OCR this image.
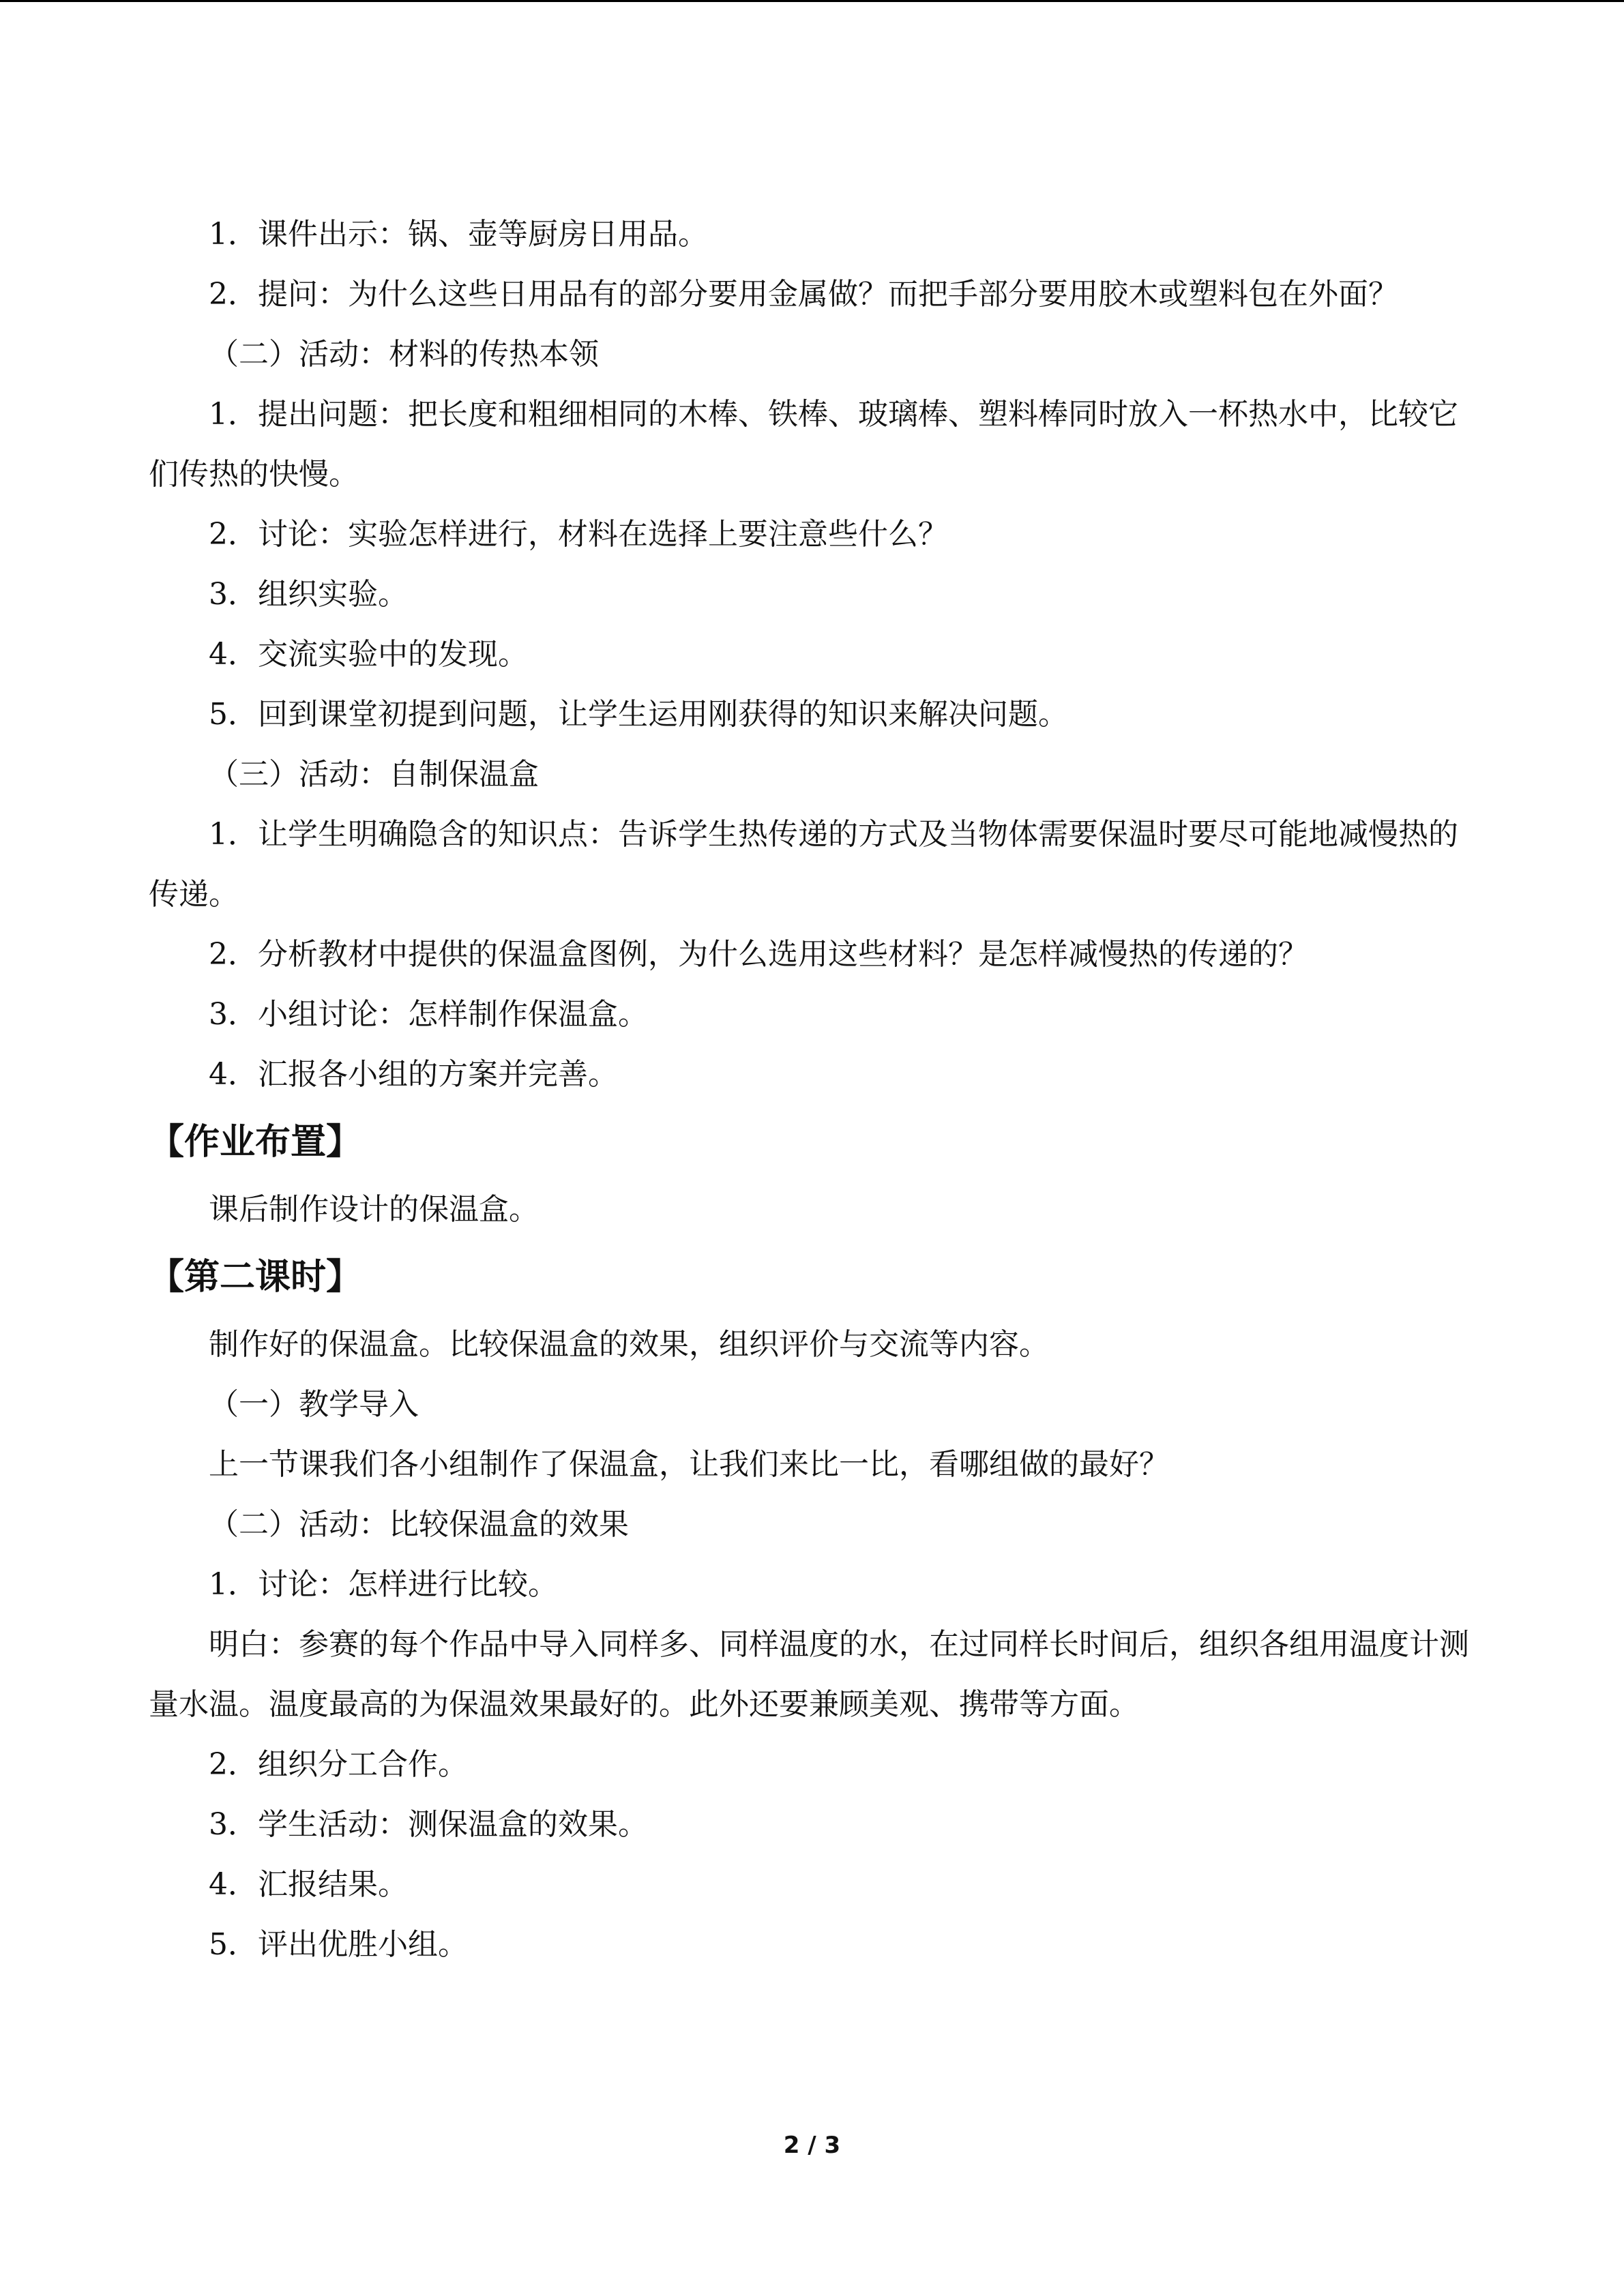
1．课件出示：锅、壶等厨房日用品。

2．提问：为什么这些日用品有的部分要用金属做？而把手部分要用胶木或塑料包在外面？

（二）活动：材料的传热本领

1．提出问题：把长度和粗细相同的木棒、铁棒、玻璃棒、塑料棒同时放入一杯热水中，比较它们传热的快慢。

2．讨论：实验怎样进行，材料在选择上要注意些什么？

3．组织实验。

4．交流实验中的发现。

5．回到课堂初提到问题，让学生运用刚获得的知识来解决问题。

（三）活动：自制保温盒

1．让学生明确隐含的知识点：告诉学生热传递的方式及当物体需要保温时要尽可能地减慢热的传递。

2．分析教材中提供的保温盒图例，为什么选用这些材料？是怎样减慢热的传递的？

3．小组讨论：怎样制作保温盒。

4．汇报各小组的方案并完善。

【作业布置】

课后制作设计的保温盒。

【第二课时】

制作好的保温盒。比较保温盒的效果，组织评价与交流等内容。

（一）教学导入

上一节课我们各小组制作了保温盒，让我们来比一比，看哪组做的最好？

（二）活动：比较保温盒的效果

1．讨论：怎样进行比较。

明白：参赛的每个作品中导入同样多、同样温度的水，在过同样长时间后，组织各组用温度计测量水温。温度最高的为保温效果最好的。此外还要兼顾美观、携带等方面。

2．组织分工合作。

3．学生活动：测保温盒的效果。

4．汇报结果。

5．评出优胜小组。

2 / 3
